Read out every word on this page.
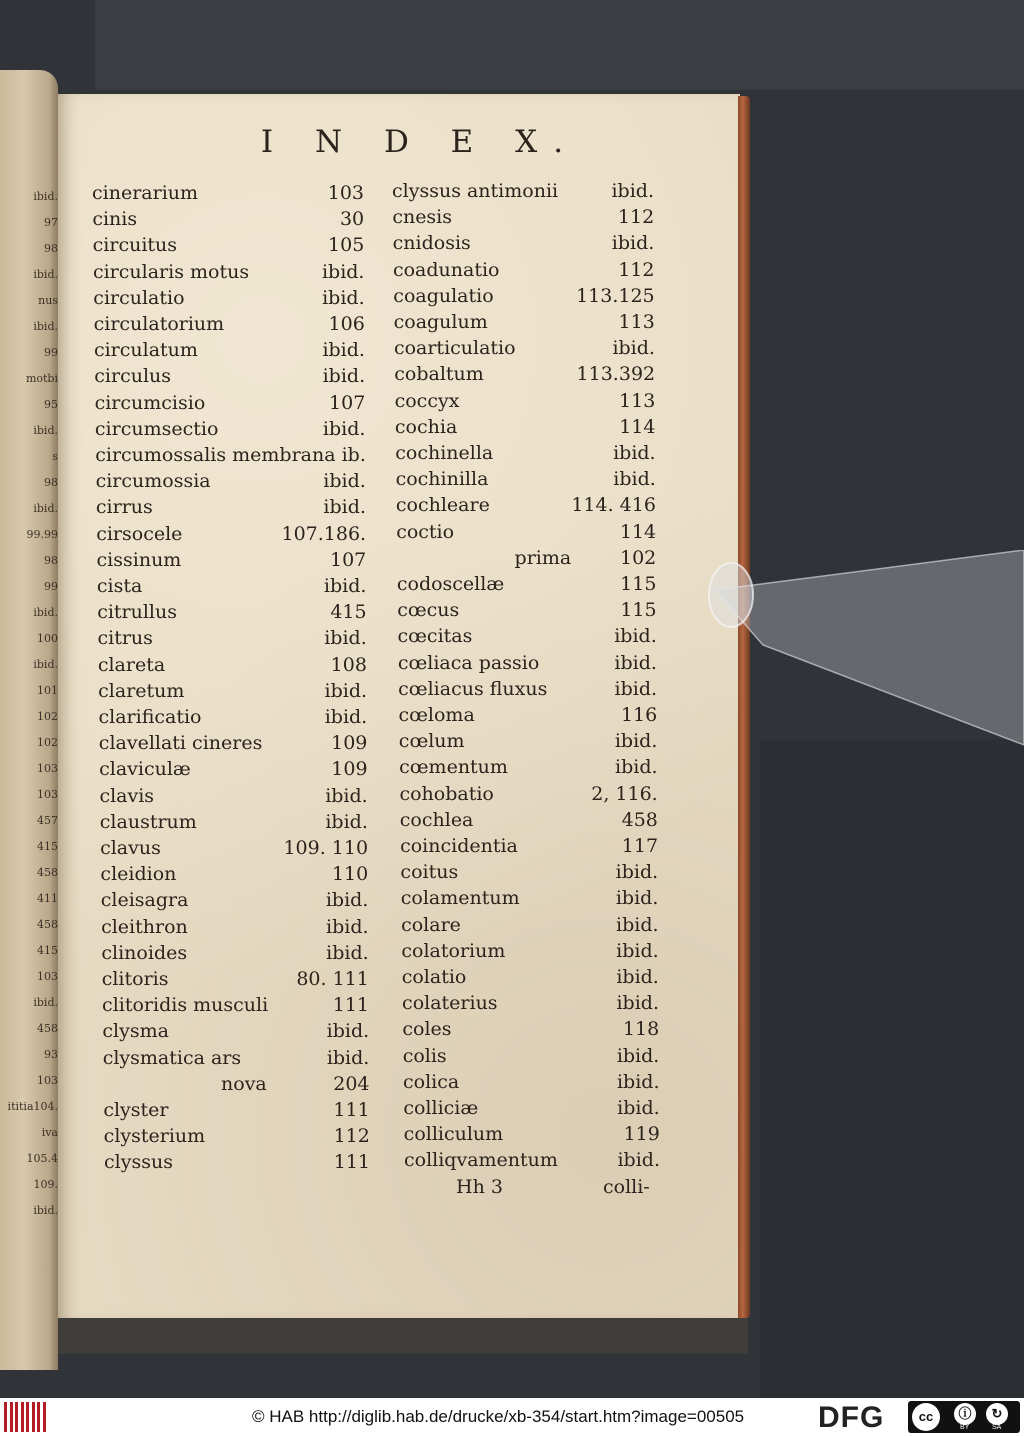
ibid.
97
98
ibid.
nus
ibid.
99
motbi
95
ibid.
s
98
ibid.
99.99
98
99
ibid.
100
ibid.
101
102
102
103
103
457
415
458
411
458
415
103
ibid.
458
93
103
ititia104.
iva
105.4
109.
ibid.
I N D E X.
Hh 3	colli-
cinerarium	103
cinis	30
circuitus	105
circularis motus	ibid.
circulatio	ibid.
circulatorium	106
circulatum	ibid.
circulus	ibid.
circumcisio	107
circumsectio	ibid.
circumossalis membrana ib.
circumossia	ibid.
cirrus	ibid.
cirsocele	107.186.
cissinum	107
cista	ibid.
citrullus	415
citrus	ibid.
clareta	108
claretum	ibid.
clarificatio	ibid.
clavellati cineres	109
claviculæ	109
clavis	ibid.
claustrum	ibid.
clavus	109. 110
cleidion	110
cleisagra	ibid.
cleithron	ibid.
clinoides	ibid.
clitoris	80. 111
clitoridis musculi	111
clysma	ibid.
clysmatica ars	ibid.
nova	204
clyster	111
clysterium	112
clyssus	111
clyssus antimonii	ibid.
cnesis	112
cnidosis	ibid.
coadunatio	112
coagulatio	113.125
coagulum	113
coarticulatio	ibid.
cobaltum	113.392
coccyx	113
cochia	114
cochinella	ibid.
cochinilla	ibid.
cochleare	114. 416
coctio	114
prima	102
codoscellæ	115
cœcus	115
cœcitas	ibid.
cœliaca passio	ibid.
cœliacus fluxus	ibid.
cœloma	116
cœlum	ibid.
cœmentum	ibid.
cohobatio	2, 116.
cochlea	458
coincidentia	117
coitus	ibid.
colamentum	ibid.
colare	ibid.
colatorium	ibid.
colatio	ibid.
colaterius	ibid.
coles	118
colis	ibid.
colica	ibid.
colliciæ	ibid.
colliculum	119
colliqvamentum	ibid.
© HAB http://diglib.hab.de/drucke/xb-354/start.htm?image=00505 DFG	cc	ⓘ	↻
BY	SA
